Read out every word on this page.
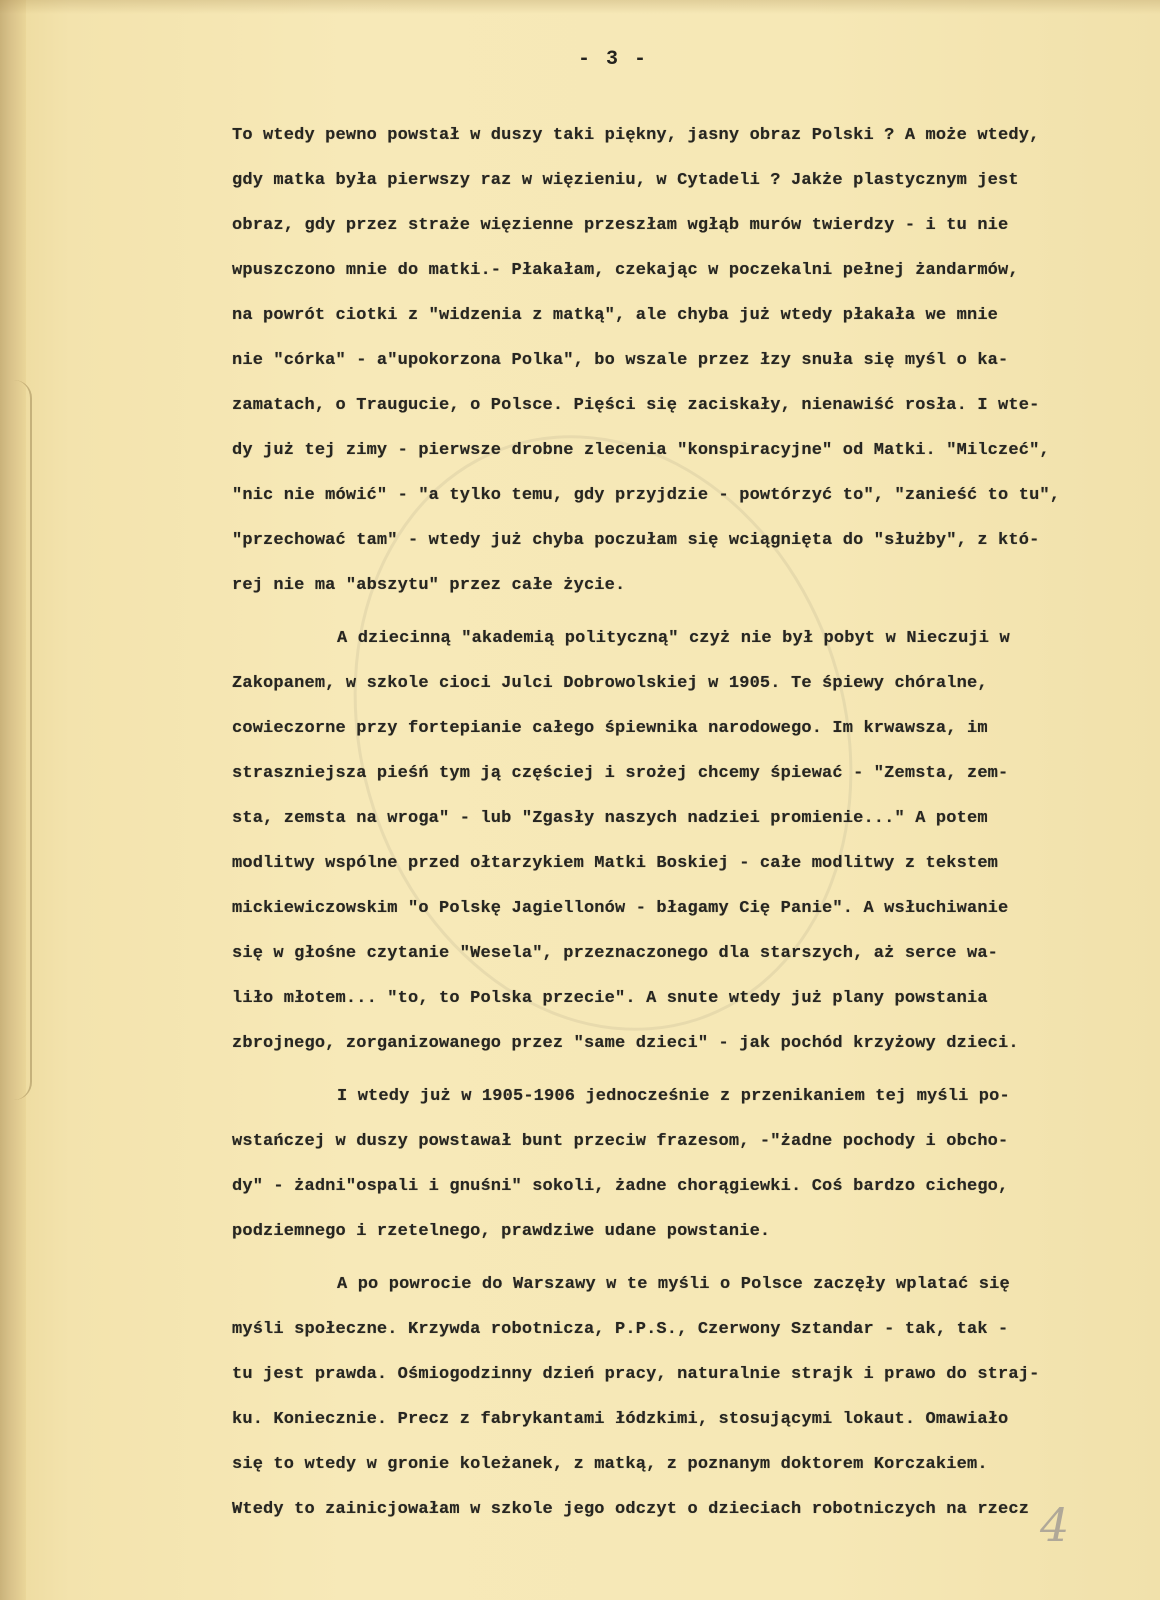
- 3 -
To wtedy pewno powstał w duszy taki piękny, jasny obraz Polski ? A może wtedy,
gdy matka była pierwszy raz w więzieniu, w Cytadeli ? Jakże plastycznym jest
obraz, gdy przez straże więzienne przeszłam wgłąb murów twierdzy - i tu nie
wpuszczono mnie do matki.- Płakałam, czekając w poczekalni pełnej żandarmów,
na powrót ciotki z "widzenia z matką", ale chyba już wtedy płakała we mnie
nie "córka" - a"upokorzona Polka", bo wszale przez łzy snuła się myśl o ka-
zamatach, o Traugucie, o Polsce. Pięści się zaciskały, nienawiść rosła. I wte-
dy już tej zimy - pierwsze drobne zlecenia "konspiracyjne" od Matki. "Milczeć",
"nic nie mówić" - "a tylko temu, gdy przyjdzie - powtórzyć to", "zanieść to tu",
"przechować tam" - wtedy już chyba poczułam się wciągnięta do "służby", z któ-
rej nie ma "abszytu" przez całe życie.
A dziecinną "akademią polityczną" czyż nie był pobyt w Nieczuji w
Zakopanem, w szkole cioci Julci Dobrowolskiej w 1905. Te śpiewy chóralne,
cowieczorne przy fortepianie całego śpiewnika narodowego. Im krwawsza, im
straszniejsza pieśń tym ją częściej i srożej chcemy śpiewać - "Zemsta, zem-
sta, zemsta na wroga" - lub "Zgasły naszych nadziei promienie..." A potem
modlitwy wspólne przed ołtarzykiem Matki Boskiej - całe modlitwy z tekstem
mickiewiczowskim "o Polskę Jagiellonów - błagamy Cię Panie". A wsłuchiwanie
się w głośne czytanie "Wesela", przeznaczonego dla starszych, aż serce wa-
liło młotem... "to, to Polska przecie". A snute wtedy już plany powstania
zbrojnego, zorganizowanego przez "same dzieci" - jak pochód krzyżowy dzieci.
I wtedy już w 1905-1906 jednocześnie z przenikaniem tej myśli po-
wstańczej w duszy powstawał bunt przeciw frazesom, -"żadne pochody i obcho-
dy" - żadni"ospali i gnuśni" sokoli, żadne chorągiewki. Coś bardzo cichego,
podziemnego i rzetelnego, prawdziwe udane powstanie.
A po powrocie do Warszawy w te myśli o Polsce zaczęły wplatać się
myśli społeczne. Krzywda robotnicza, P.P.S., Czerwony Sztandar - tak, tak -
tu jest prawda. Ośmiogodzinny dzień pracy, naturalnie strajk i prawo do straj-
ku. Koniecznie. Precz z fabrykantami łódzkimi, stosującymi lokaut. Omawiało
się to wtedy w gronie koleżanek, z matką, z poznanym doktorem Korczakiem.
Wtedy to zainicjowałam w szkole jego odczyt o dzieciach robotniczych na rzecz 4
